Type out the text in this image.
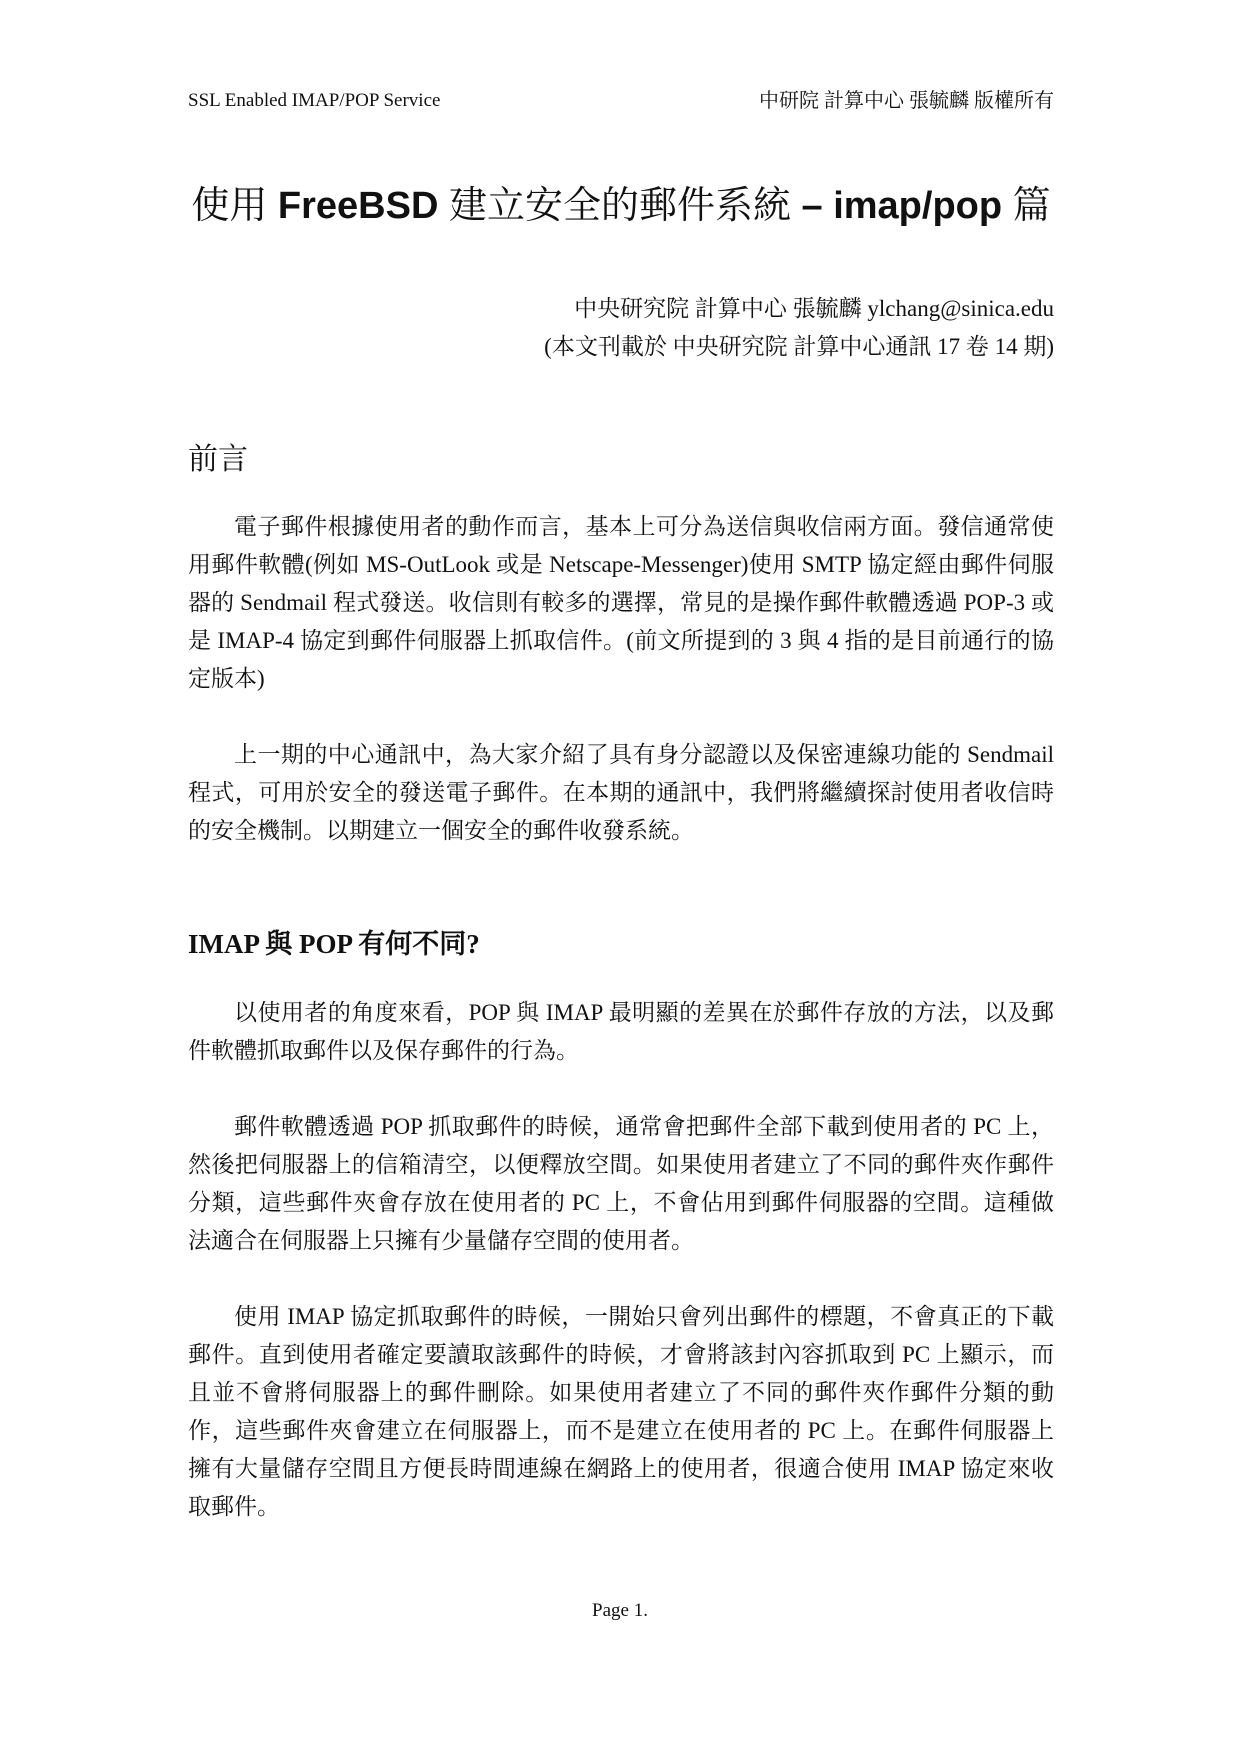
SSL Enabled IMAP/POP Service	中研院 計算中心 張毓麟 版權所有
使用 FreeBSD 建立安全的郵件系統 – imap/pop 篇
中央研究院 計算中心 張毓麟 ylchang@sinica.edu
(本文刊載於 中央研究院 計算中心通訊 17 卷 14 期)
前言

電子郵件根據使用者的動作而言，基本上可分為送信與收信兩方面。發信通常使用郵件軟體(例如 MS-OutLook 或是 Netscape-Messenger)使用 SMTP 協定經由郵件伺服器的 Sendmail 程式發送。收信則有較多的選擇，常見的是操作郵件軟體透過 POP-3 或是 IMAP-4 協定到郵件伺服器上抓取信件。(前文所提到的 3 與 4 指的是目前通行的協定版本)

上一期的中心通訊中，為大家介紹了具有身分認證以及保密連線功能的 Sendmail 程式，可用於安全的發送電子郵件。在本期的通訊中，我們將繼續探討使用者收信時的安全機制。以期建立一個安全的郵件收發系統。

IMAP 與 POP 有何不同?

以使用者的角度來看，POP 與 IMAP 最明顯的差異在於郵件存放的方法，以及郵件軟體抓取郵件以及保存郵件的行為。

郵件軟體透過 POP 抓取郵件的時候，通常會把郵件全部下載到使用者的 PC 上，然後把伺服器上的信箱清空，以便釋放空間。如果使用者建立了不同的郵件夾作郵件分類，這些郵件夾會存放在使用者的 PC 上，不會佔用到郵件伺服器的空間。這種做法適合在伺服器上只擁有少量儲存空間的使用者。

使用 IMAP 協定抓取郵件的時候，一開始只會列出郵件的標題，不會真正的下載郵件。直到使用者確定要讀取該郵件的時候，才會將該封內容抓取到 PC 上顯示，而且並不會將伺服器上的郵件刪除。如果使用者建立了不同的郵件夾作郵件分類的動作，這些郵件夾會建立在伺服器上，而不是建立在使用者的 PC 上。在郵件伺服器上擁有大量儲存空間且方便長時間連線在網路上的使用者，很適合使用 IMAP 協定來收取郵件。

Page 1.
